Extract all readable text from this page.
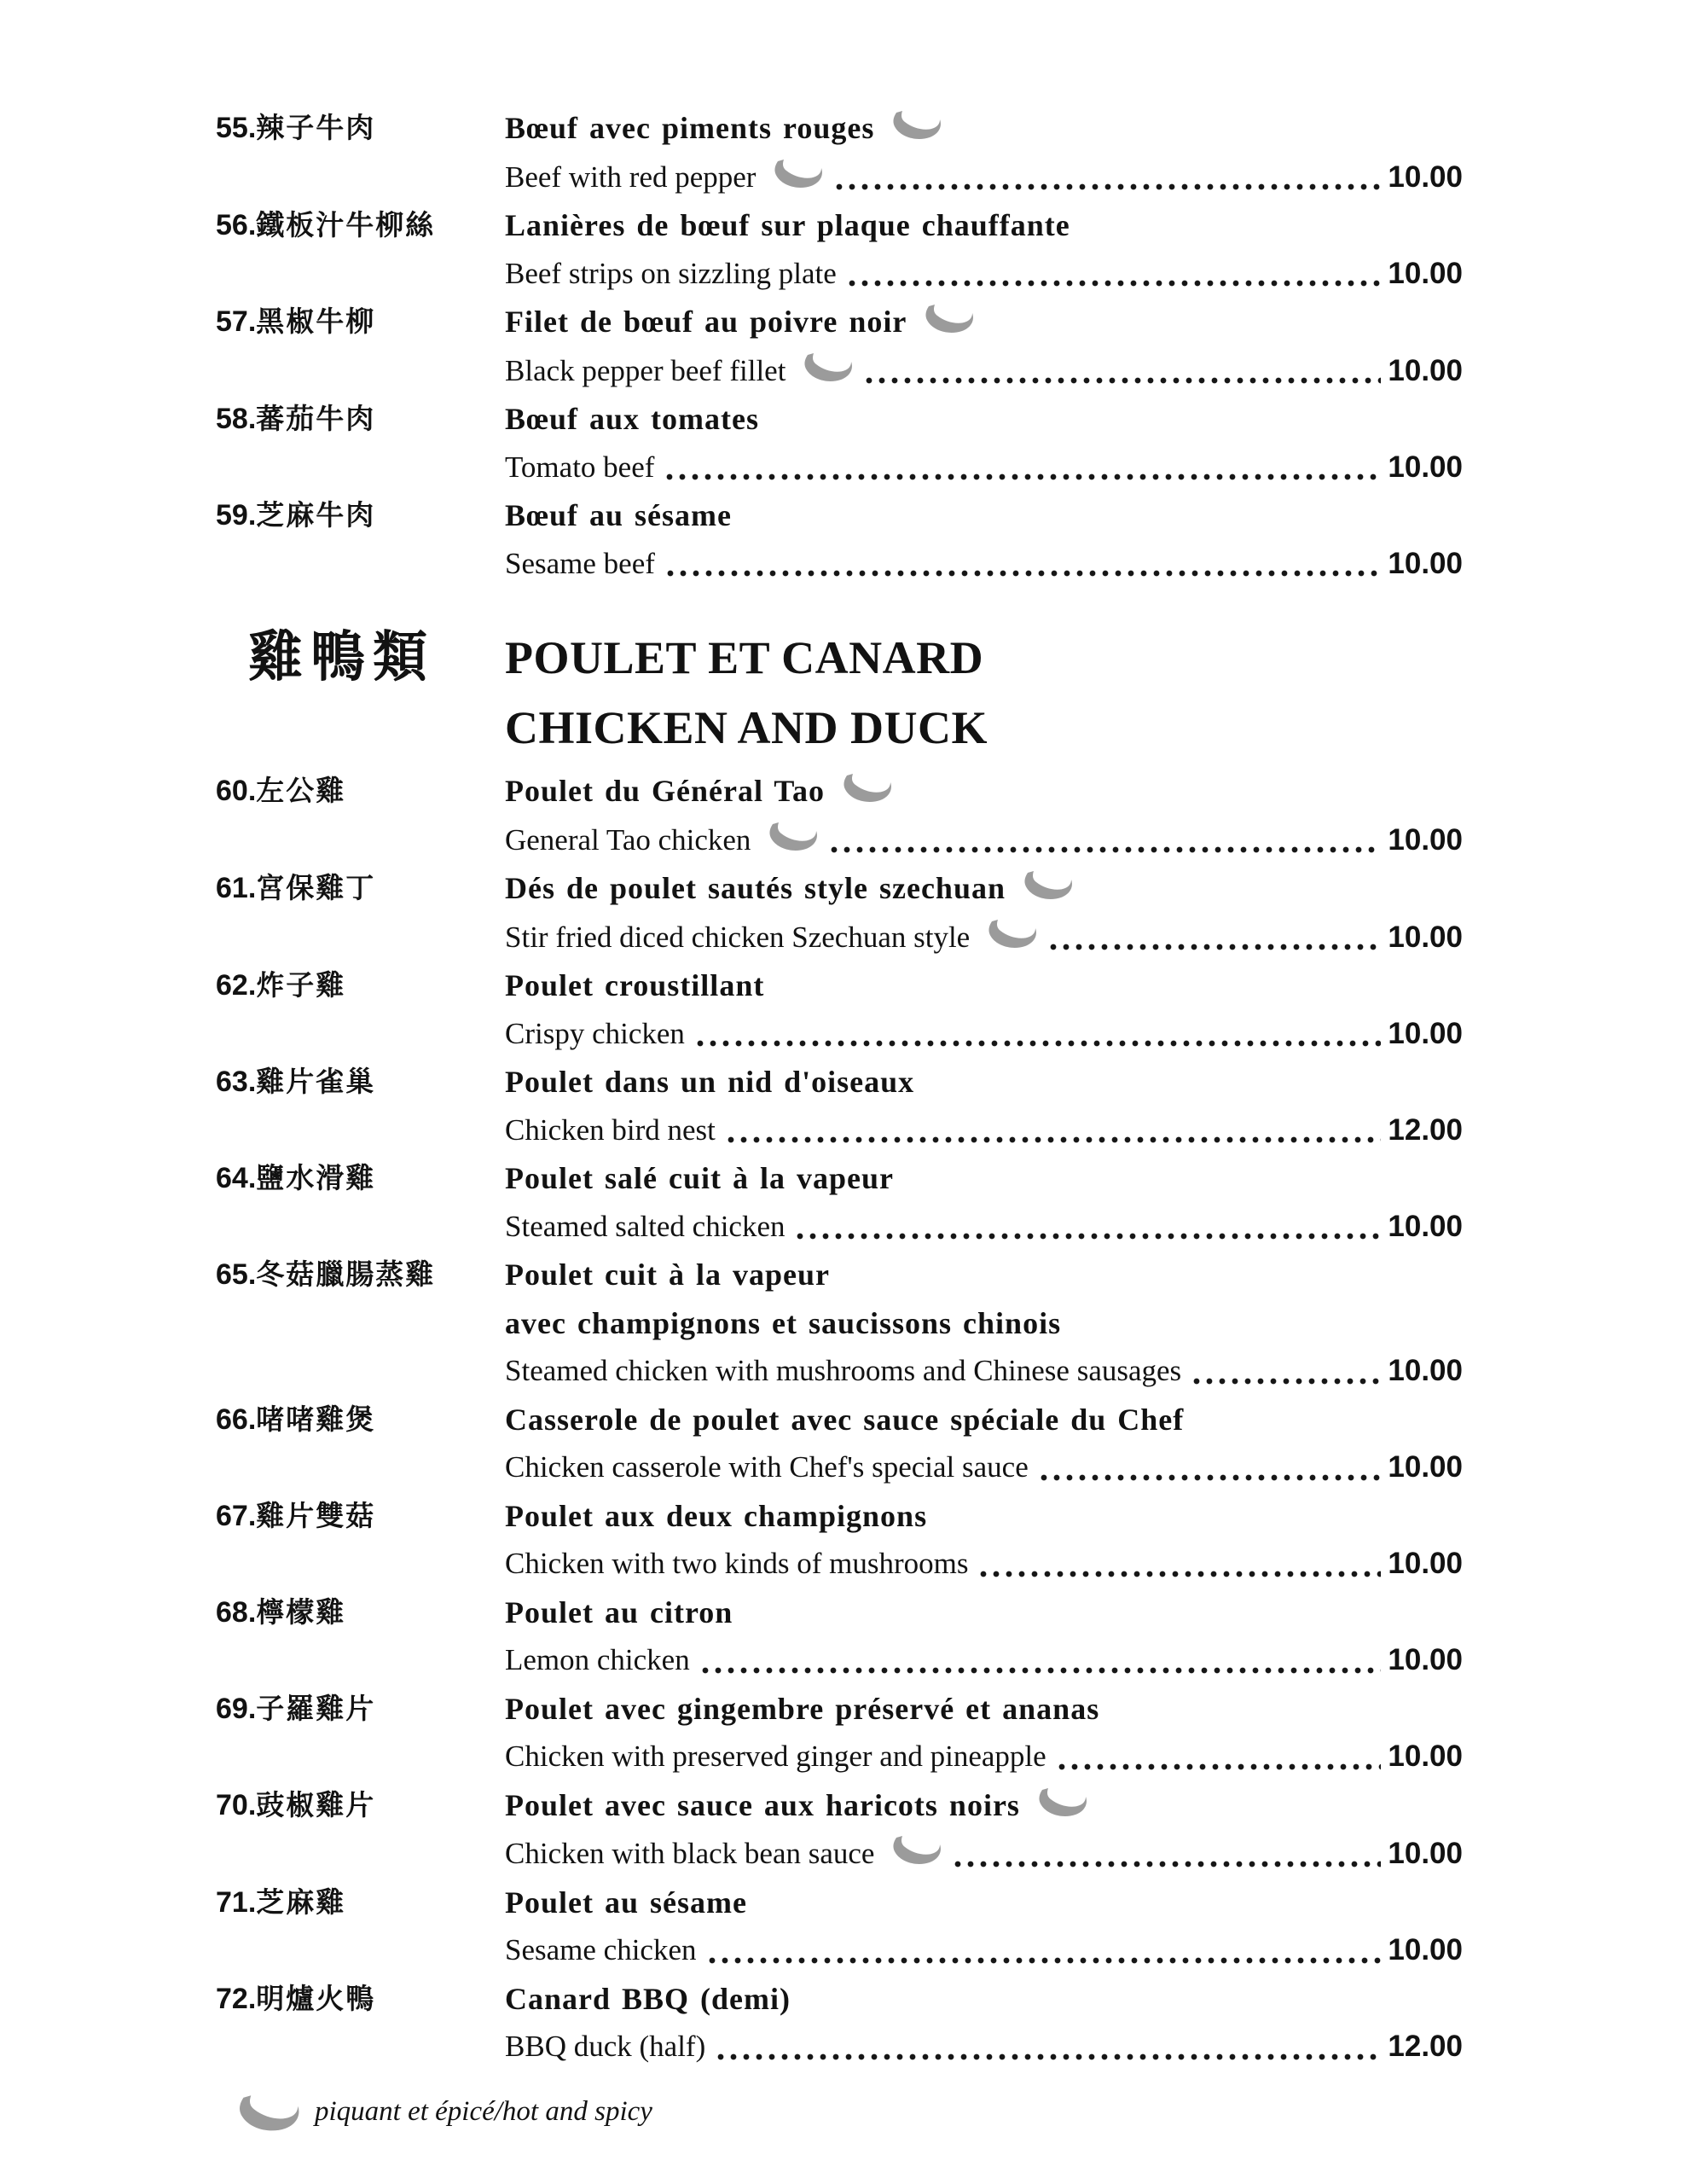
55.辣子牛肉	Bœuf avec piments rouges
Beef with red pepper	10.00
56.鐵板汁牛柳絲	Lanières de bœuf sur plaque chauffante
Beef strips on sizzling plate	10.00
57.黑椒牛柳	Filet de bœuf au poivre noir
Black pepper beef fillet	10.00
58.蕃茄牛肉	Bœuf aux tomates
Tomato beef	10.00
59.芝麻牛肉	Bœuf au sésame
Sesame beef	10.00
雞鴨類	POULET ET CANARD
CHICKEN AND DUCK
60.左公雞	Poulet du Général Tao
General Tao chicken	10.00
61.宮保雞丁	Dés de poulet sautés style szechuan
Stir fried diced chicken Szechuan style	10.00
62.炸子雞	Poulet croustillant
Crispy chicken	10.00
63.雞片雀巢	Poulet dans un nid d'oiseaux
Chicken bird nest	12.00
64.鹽水滑雞	Poulet salé cuit à la vapeur
Steamed salted chicken	10.00
65.冬菇臘腸蒸雞	Poulet cuit à la vapeur
avec champignons et saucissons chinois
Steamed chicken with mushrooms and Chinese sausages	10.00
66.啫啫雞煲	Casserole de poulet avec sauce spéciale du Chef
Chicken casserole with Chef's special sauce	10.00
67.雞片雙菇	Poulet aux deux champignons
Chicken with two kinds of mushrooms	10.00
68.檸檬雞	Poulet au citron
Lemon chicken	10.00
69.子羅雞片	Poulet avec gingembre préservé et ananas
Chicken with preserved ginger and pineapple	10.00
70.豉椒雞片	Poulet avec sauce aux haricots noirs
Chicken with black bean sauce	10.00
71.芝麻雞	Poulet au sésame
Sesame chicken	10.00
72.明爐火鴨	Canard BBQ (demi)
BBQ duck (half)	12.00
piquant et épicé/hot and spicy
